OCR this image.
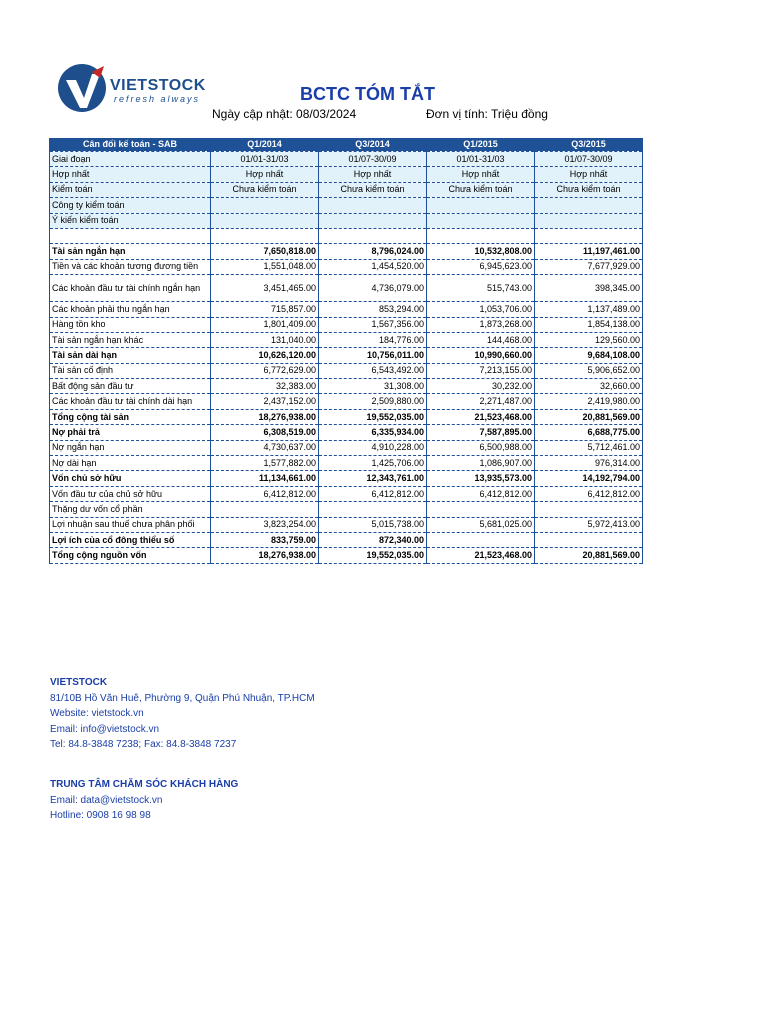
VIETSTOCK
refresh always	BCTC TÓM TẮT
Ngày cập nhật: 08/03/2024	Đơn vị tính: Triệu đồng
Cân đối kế toán - SAB	Q1/2014	Q3/2014	Q1/2015	Q3/2015
Giai đoạn	01/01-31/03	01/07-30/09	01/01-31/03	01/07-30/09
Hợp nhất	Hợp nhất	Hợp nhất	Hợp nhất	Hợp nhất
Kiểm toán	Chưa kiểm toán	Chưa kiểm toán	Chưa kiểm toán	Chưa kiểm toán
Công ty kiểm toán				
Ý kiến kiểm toán				

Tài sản ngắn hạn	7,650,818.00	8,796,024.00	10,532,808.00	11,197,461.00
Tiền và các khoản tương đương tiền	1,551,048.00	1,454,520.00	6,945,623.00	7,677,929.00
Các khoản đầu tư tài chính ngắn hạn	3,451,465.00	4,736,079.00	515,743.00	398,345.00
Các khoản phải thu ngắn hạn	715,857.00	853,294.00	1,053,706.00	1,137,489.00
Hàng tồn kho	1,801,409.00	1,567,356.00	1,873,268.00	1,854,138.00
Tài sản ngắn hạn khác	131,040.00	184,776.00	144,468.00	129,560.00
Tài sản dài hạn	10,626,120.00	10,756,011.00	10,990,660.00	9,684,108.00
Tài sản cố định	6,772,629.00	6,543,492.00	7,213,155.00	5,906,652.00
Bất động sản đầu tư	32,383.00	31,308.00	30,232.00	32,660.00
Các khoản đầu tư tài chính dài hạn	2,437,152.00	2,509,880.00	2,271,487.00	2,419,980.00
Tổng cộng tài sản	18,276,938.00	19,552,035.00	21,523,468.00	20,881,569.00
Nợ phải trả	6,308,519.00	6,335,934.00	7,587,895.00	6,688,775.00
Nợ ngắn hạn	4,730,637.00	4,910,228.00	6,500,988.00	5,712,461.00
Nợ dài hạn	1,577,882.00	1,425,706.00	1,086,907.00	976,314.00
Vốn chủ sở hữu	11,134,661.00	12,343,761.00	13,935,573.00	14,192,794.00
Vốn đầu tư của chủ sở hữu	6,412,812.00	6,412,812.00	6,412,812.00	6,412,812.00
Thặng dư vốn cổ phần				
Lợi nhuận sau thuế chưa phân phối	3,823,254.00	5,015,738.00	5,681,025.00	5,972,413.00
Lợi ích của cổ đông thiểu số	833,759.00	872,340.00		
Tổng cộng nguồn vốn	18,276,938.00	19,552,035.00	21,523,468.00	20,881,569.00
VIETSTOCK
81/10B Hồ Văn Huê, Phường 9, Quận Phú Nhuận, TP.HCM
Website: vietstock.vn
Email: info@vietstock.vn
Tel: 84.8-3848 7238; Fax: 84.8-3848 7237
TRUNG TÂM CHĂM SÓC KHÁCH HÀNG
Email: data@vietstock.vn
Hotline: 0908 16 98 98
